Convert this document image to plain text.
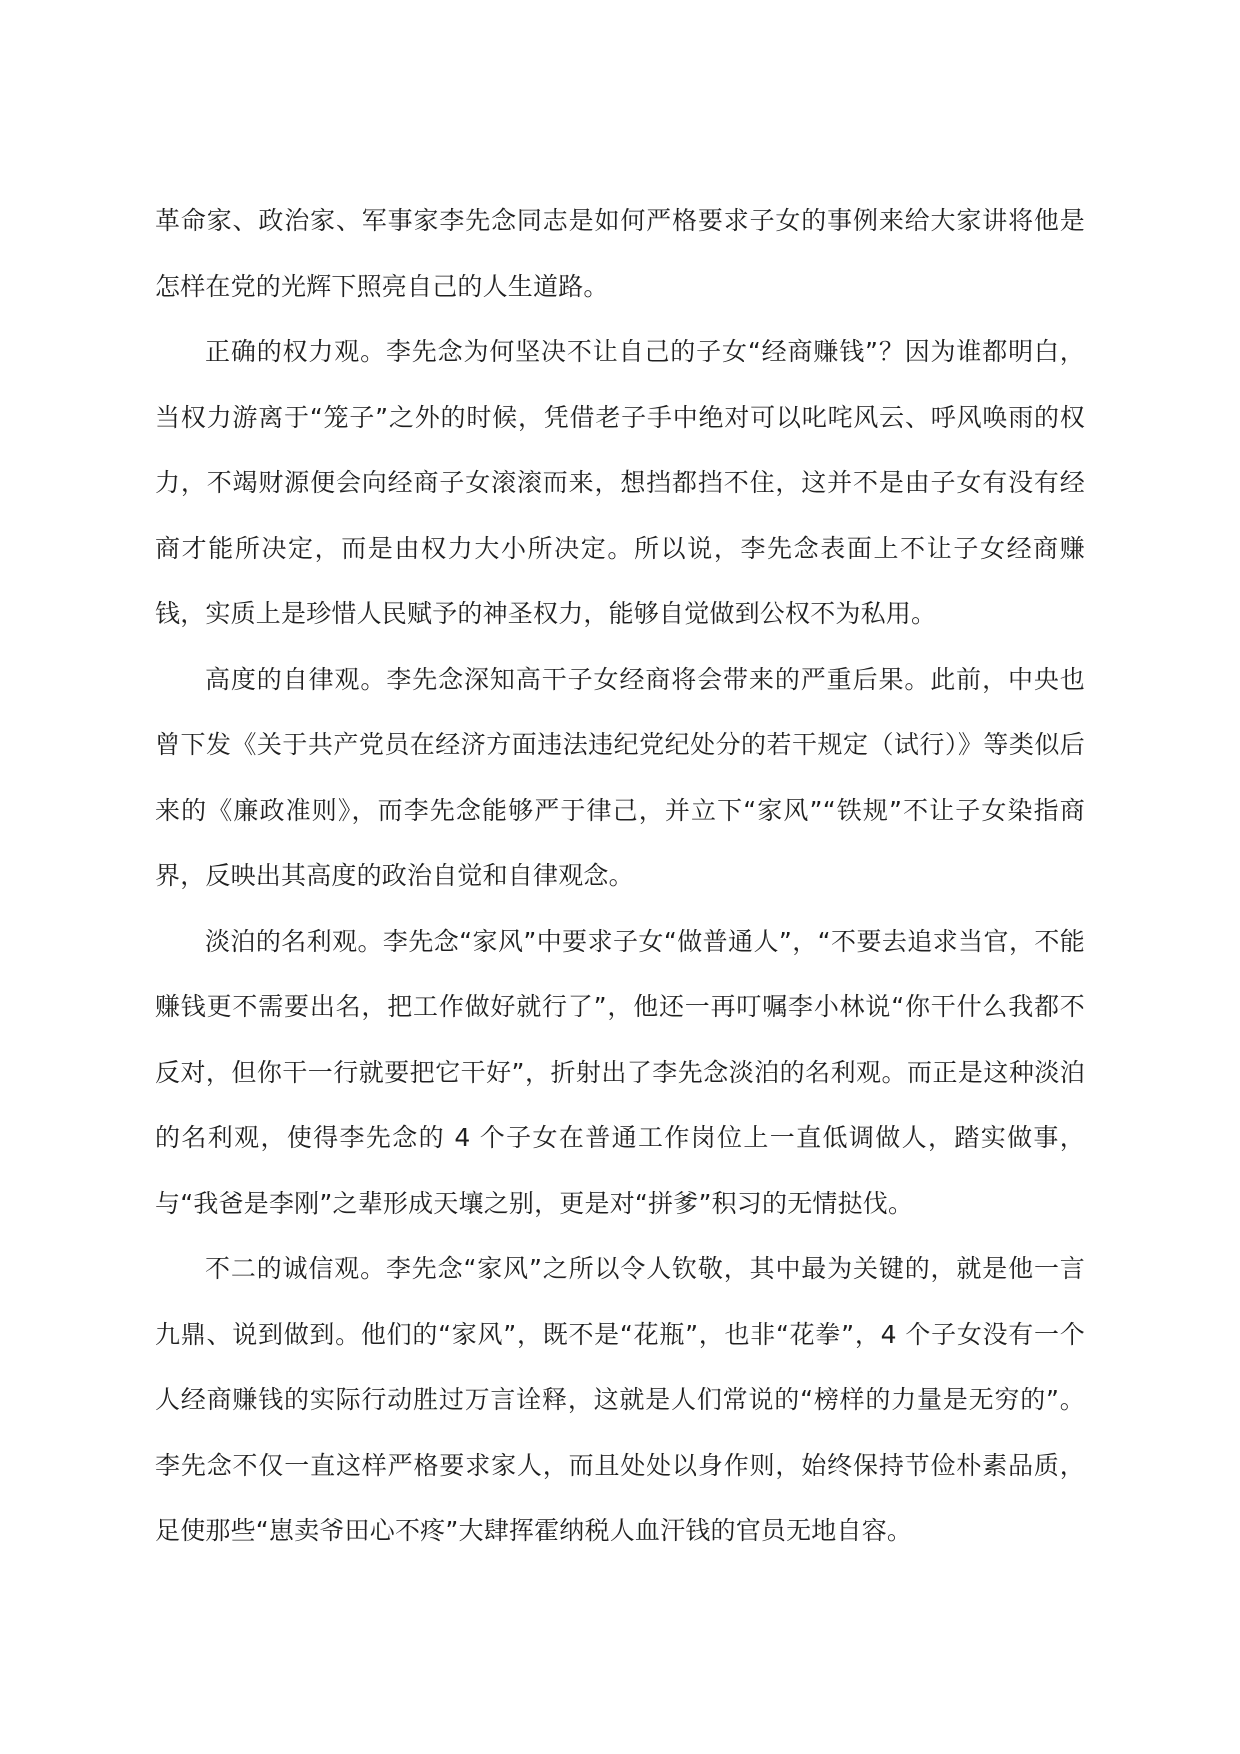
革命家、政治家、军事家李先念同志是如何严格要求子女的事例来给大家讲将他是怎样在党的光辉下照亮自己的人生道路。

正确的权力观。李先念为何坚决不让自己的子女“经商赚钱”？因为谁都明白，当权力游离于“笼子”之外的时候，凭借老子手中绝对可以叱咤风云、呼风唤雨的权力，不竭财源便会向经商子女滚滚而来，想挡都挡不住，这并不是由子女有没有经商才能所决定，而是由权力大小所决定。所以说，李先念表面上不让子女经商赚钱，实质上是珍惜人民赋予的神圣权力，能够自觉做到公权不为私用。

高度的自律观。李先念深知高干子女经商将会带来的严重后果。此前，中央也曾下发《关于共产党员在经济方面违法违纪党纪处分的若干规定（试行）》等类似后来的《廉政准则》，而李先念能够严于律己，并立下“家风”“铁规”不让子女染指商界，反映出其高度的政治自觉和自律观念。

淡泊的名利观。李先念“家风”中要求子女“做普通人”，“不要去追求当官，不能赚钱更不需要出名，把工作做好就行了”，他还一再叮嘱李小林说“你干什么我都不反对，但你干一行就要把它干好”，折射出了李先念淡泊的名利观。而正是这种淡泊的名利观，使得李先念的 4 个子女在普通工作岗位上一直低调做人，踏实做事，与“我爸是李刚”之辈形成天壤之别，更是对“拼爹”积习的无情挞伐。

不二的诚信观。李先念“家风”之所以令人钦敬，其中最为关键的，就是他一言九鼎、说到做到。他们的“家风”，既不是“花瓶”，也非“花拳”，4 个子女没有一个人经商赚钱的实际行动胜过万言诠释，这就是人们常说的“榜样的力量是无穷的”。李先念不仅一直这样严格要求家人，而且处处以身作则，始终保持节俭朴素品质，足使那些“崽卖爷田心不疼”大肆挥霍纳税人血汗钱的官员无地自容。
